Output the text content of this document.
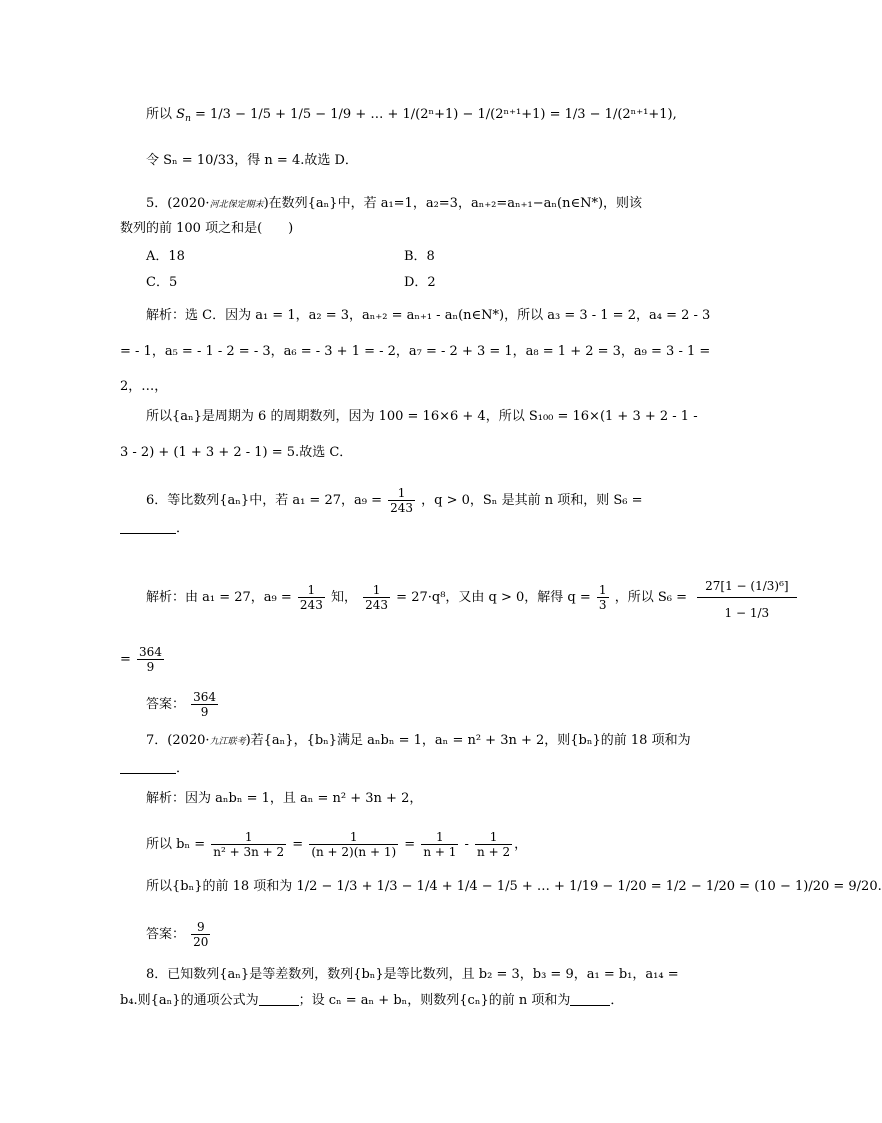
所以 $S_n = 1/3 - 1/5 + 1/5 - 1/9$ + … + 1/(2ⁿ+1) − 1/(2ⁿ⁺¹+1) = 1/3 − 1/(2ⁿ⁺¹+1),
令 Sₙ = 10/33，得 n = 4.故选 D．
5．(2020·河北保定期末)在数列{aₙ}中，若 a₁=1，a₂=3，aₙ₊₂=aₙ₊₁−aₙ(n∈N*)，则该
数列的前 100 项之和是(　　)
A．18	B．8
C．5	D．2
解析：选 C．因为 a₁ = 1，a₂ = 3，aₙ₊₂ = aₙ₊₁ - aₙ(n∈N*)，所以 a₃ = 3 - 1 = 2，a₄ = 2 - 3
= - 1，a₅ = - 1 - 2 = - 3，a₆ = - 3 + 1 = - 2，a₇ = - 2 + 3 = 1，a₈ = 1 + 2 = 3，a₉ = 3 - 1 =
2，…，
所以{aₙ}是周期为 6 的周期数列，因为 100 = 16×6 + 4，所以 S₁₀₀ = 16×(1 + 3 + 2 - 1 -
3 - 2) + (1 + 3 + 2 - 1) = 5.故选 C．
6．等比数列{aₙ}中，若 a₁ = 27，$a_9 = \frac{1}{243}$ ，q > 0，Sₙ 是其前 n 项和，则 S₆ =
．
解析：由 a₁ = 27，$a_9 = \frac{1}{243}$ 知， $\frac{1}{243} = 27\cdot q^8$，又由 q > 0，解得 $q = \frac{1}{3}$ ，所以 $S_6 = \frac{\text{27[1 − (1/3)⁶]}}{1 - 1/3}$
= $\frac{364}{9}$
答案： $\frac{364}{9}$
7．(2020·九江联考)若{aₙ}，{bₙ}满足 aₙbₙ = 1，aₙ = n² + 3n + 2，则{bₙ}的前 18 项和为
．
解析：因为 aₙbₙ = 1，且 aₙ = n² + 3n + 2，
所以 $b_n = \frac{1}{\text{n² + 3n + 2}} = \frac{1}{(n + 2)(n + 1)} = \frac{1}{n + 1} - \frac{1}{n + 2}$ ，
所以{bₙ}的前 18 项和为 1/2 − 1/3 + 1/3 − 1/4 + 1/4 − 1/5 + … + 1/19 − 1/20 = 1/2 − 1/20 = (10 − 1)/20 = 9/20.
答案： $\frac{9}{20}$
8．已知数列{aₙ}是等差数列，数列{bₙ}是等比数列，且 b₂ = 3，b₃ = 9，a₁ = b₁，a₁₄ =
b₄.则{aₙ}的通项公式为	；设 cₙ = aₙ + bₙ，则数列{cₙ}的前 n 项和为	．
